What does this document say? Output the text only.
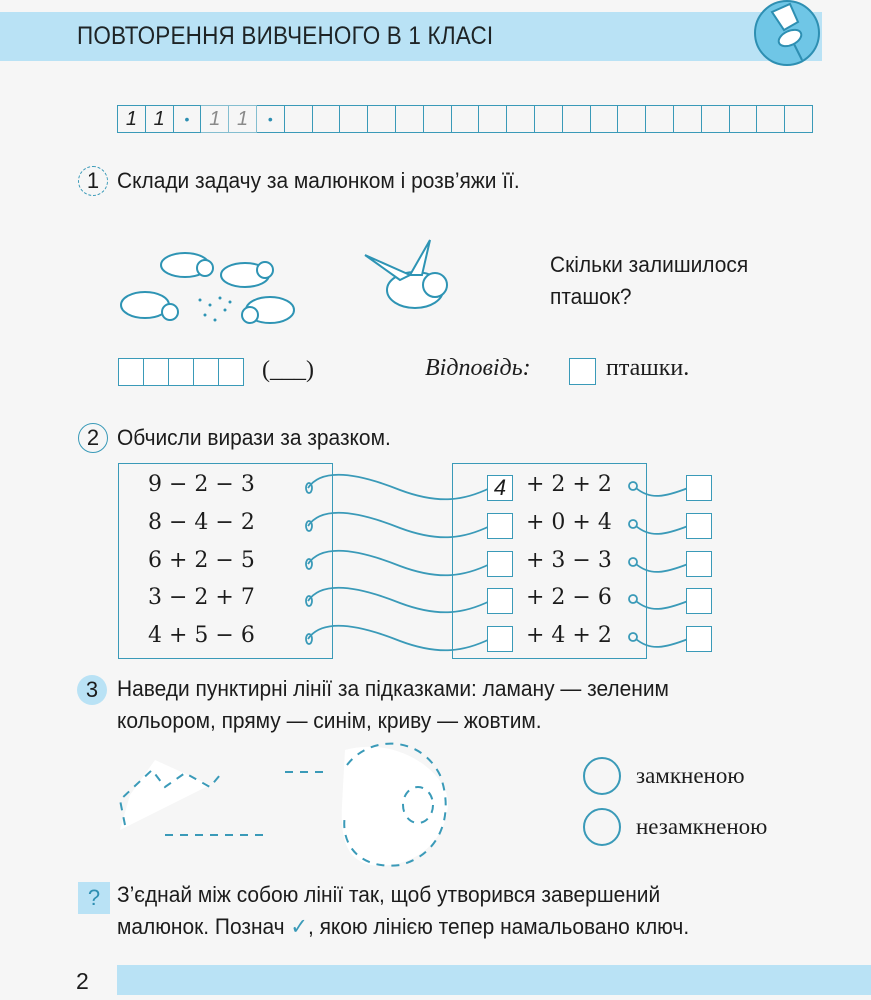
ПОВТОРЕННЯ ВИВЧЕНОГО В 1 КЛАСІ
1 1	• 1 1	•
1 Склади задачу за малюнком і розв’яжи її.
Скільки залишилося
пташок?
(___)	Відповідь:	пташки.
2 Обчисли вирази за зразком.
9 − 2 − 3	4 + 2 + 2
8 − 4 − 2	+ 0 + 4
6 + 2 − 5	+ 3 − 3
3 − 2 + 7	+ 2 − 6
4 + 5 − 6	+ 4 + 2
3 Наведи пунктирні лінії за підказками: ламану — зеленим
кольором, пряму — синім, криву — жовтим.
замкненою
незамкненою
? З’єднай між собою лінії так, щоб утворився завершений
малюнок. Познач ✓, якою лінією тепер намальовано ключ.
2
